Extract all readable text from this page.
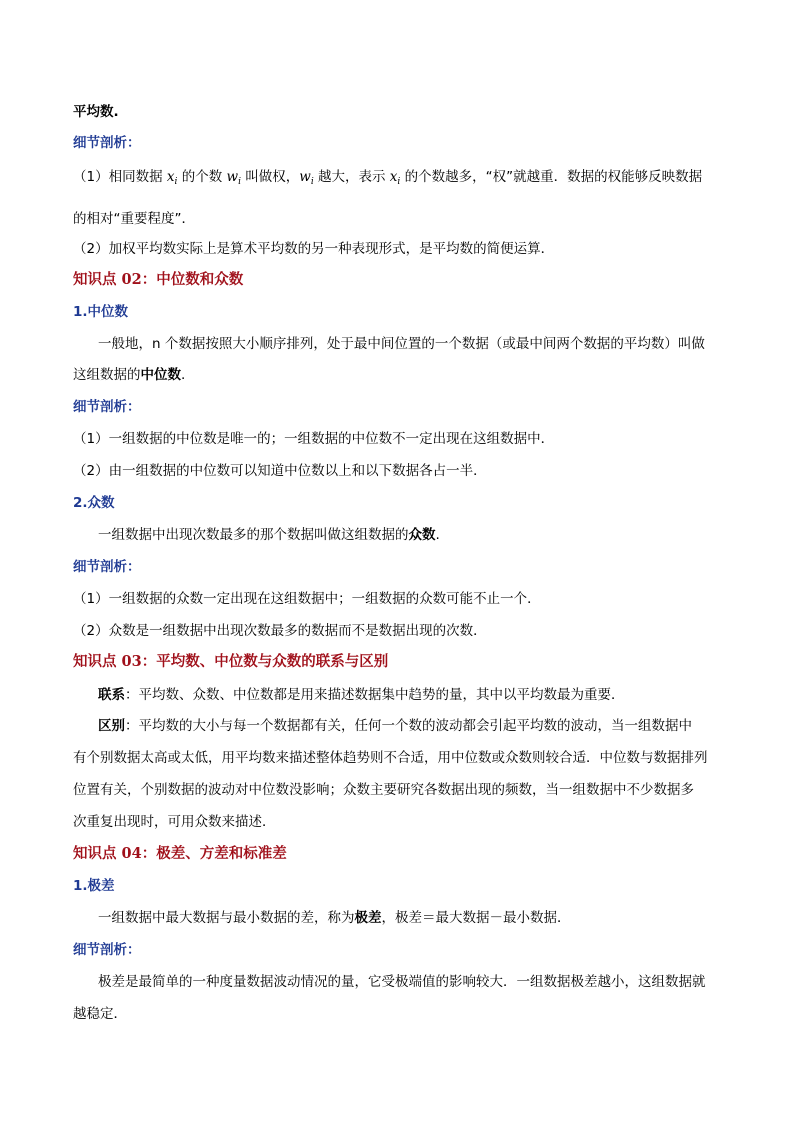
平均数.
细节剖析：
（1）相同数据 $x_i$ 的个数 $w_i$ 叫做权，$w_i$ 越大，表示 $x_i$ 的个数越多，“权”就越重．数据的权能够反映数据
的相对“重要程度”．
（2）加权平均数实际上是算术平均数的另一种表现形式，是平均数的简便运算．
知识点 02：中位数和众数
1.中位数
一般地，n 个数据按照大小顺序排列，处于最中间位置的一个数据（或最中间两个数据的平均数）叫做
这组数据的中位数.
细节剖析：
（1）一组数据的中位数是唯一的；一组数据的中位数不一定出现在这组数据中．
（2）由一组数据的中位数可以知道中位数以上和以下数据各占一半．
2.众数
一组数据中出现次数最多的那个数据叫做这组数据的众数.
细节剖析：
（1）一组数据的众数一定出现在这组数据中；一组数据的众数可能不止一个．
（2）众数是一组数据中出现次数最多的数据而不是数据出现的次数．
知识点 03：平均数、中位数与众数的联系与区别
联系：平均数、众数、中位数都是用来描述数据集中趋势的量，其中以平均数最为重要．
区别：平均数的大小与每一个数据都有关，任何一个数的波动都会引起平均数的波动，当一组数据中
有个别数据太高或太低，用平均数来描述整体趋势则不合适，用中位数或众数则较合适．中位数与数据排列
位置有关，个别数据的波动对中位数没影响；众数主要研究各数据出现的频数，当一组数据中不少数据多
次重复出现时，可用众数来描述．
知识点 04：极差、方差和标准差
1.极差
一组数据中最大数据与最小数据的差，称为极差，极差＝最大数据－最小数据．
细节剖析：
极差是最简单的一种度量数据波动情况的量，它受极端值的影响较大．一组数据极差越小，这组数据就
越稳定．
